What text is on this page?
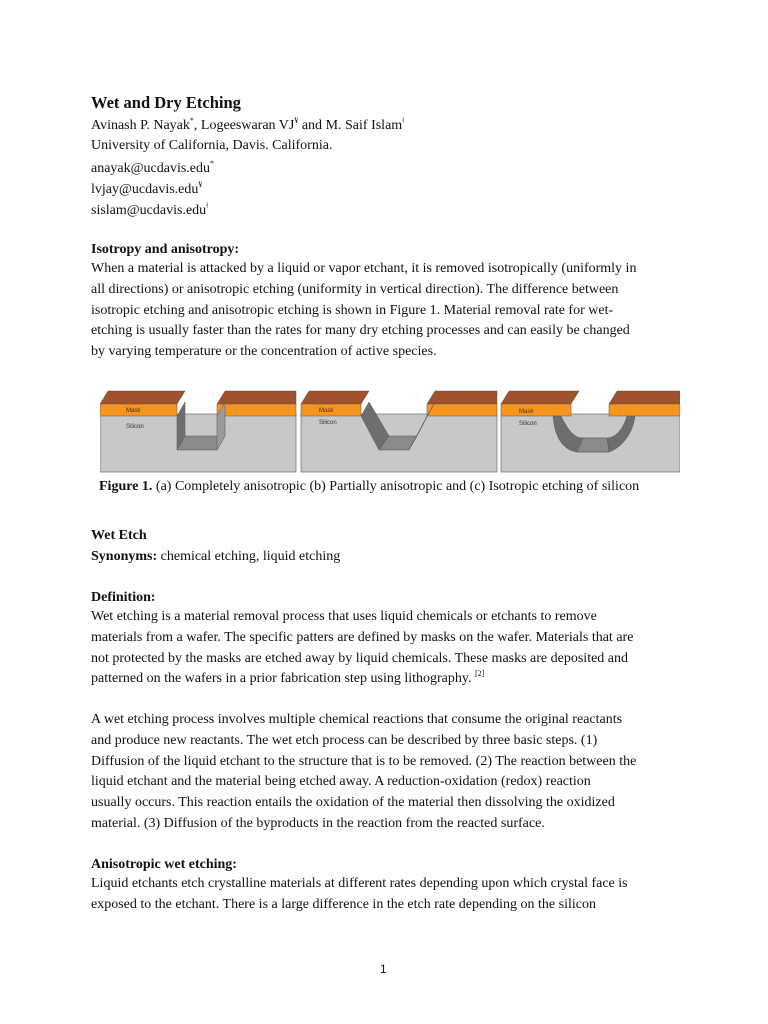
Wet and Dry Etching
Avinash P. Nayak*, Logeeswaran VJ¥ and M. Saif Islam$^ǂ$
University of California, Davis. California.
anayak@ucdavis.edu*
lvjay@ucdavis.edu¥
sislam@ucdavis.edu$^ǂ$
Isotropy and anisotropy:
When a material is attacked by a liquid or vapor etchant, it is removed isotropically (uniformly in
all directions) or anisotropic etching (uniformity in vertical direction). The difference between
isotropic etching and anisotropic etching is shown in Figure 1. Material removal rate for wet-
etching is usually faster than the rates for many dry etching processes and can easily be changed
by varying temperature or the concentration of active species.
Mask
Silicon
Mask
Silicon
Mask
Silicon
Figure 1. (a) Completely anisotropic (b) Partially anisotropic and (c) Isotropic etching of silicon
Wet Etch
Synonyms: chemical etching, liquid etching
Definition:
Wet etching is a material removal process that uses liquid chemicals or etchants to remove
materials from a wafer. The specific patters are defined by masks on the wafer. Materials that are
not protected by the masks are etched away by liquid chemicals. These masks are deposited and
patterned on the wafers in a prior fabrication step using lithography. [2]
A wet etching process involves multiple chemical reactions that consume the original reactants
and produce new reactants. The wet etch process can be described by three basic steps. (1)
Diffusion of the liquid etchant to the structure that is to be removed. (2) The reaction between the
liquid etchant and the material being etched away. A reduction-oxidation (redox) reaction
usually occurs. This reaction entails the oxidation of the material then dissolving the oxidized
material. (3) Diffusion of the byproducts in the reaction from the reacted surface.
Anisotropic wet etching:
Liquid etchants etch crystalline materials at different rates depending upon which crystal face is
exposed to the etchant. There is a large difference in the etch rate depending on the silicon
1
